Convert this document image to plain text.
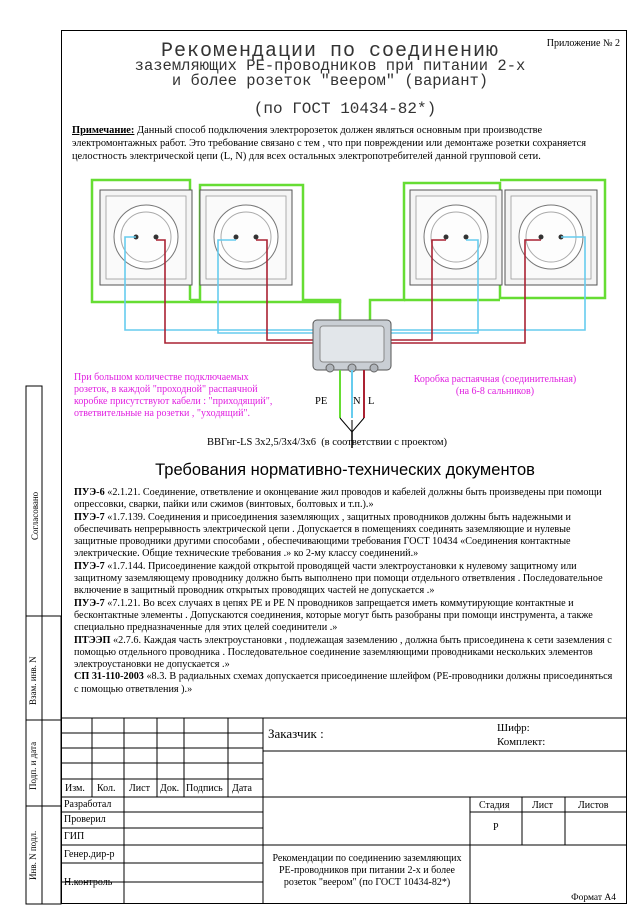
Приложение № 2
Рекомендации по соединению
заземляющих PE-проводников при питании 2-х
и более розеток "веером" (вариант)
(по ГОСТ 10434-82*)
Примечание: Данный способ подключения электророзеток должен являться основным при производстве электромонтажных работ. Это требование связано с тем , что при повреждении или демонтаже розетки сохраняется целостность электрической цепи (L, N) для всех остальных электропотребителей данной групповой сети.
При большом количестве подключаемых
розеток, в каждой "проходной" распаячной
коробке присутствуют кабели : "приходящий",
ответвительные на розетки , "уходящий".
Коробка распаячная (соединительная)
(на 6-8 сальников)
PE N L
ВВГнг-LS 3х2,5/3х4/3х6 (в соответствии с проектом)
Требования нормативно-технических документов

ПУЭ-6 «2.1.21. Соединение, ответвление и оконцевание жил проводов и кабелей должны быть произведены при помощи опрессовки, сварки, пайки или сжимов (винтовых, болтовых и т.п.).»

ПУЭ-7 «1.7.139. Соединения и присоединения заземляющих , защитных проводников должны быть надежными и обеспечивать непрерывность электрической цепи . Допускается в помещениях соединять заземляющие и нулевые защитные проводники другими способами , обеспечивающими требования ГОСТ 10434 «Соединения контактные электрические. Общие технические требования .» ко 2-му классу соединений.»

ПУЭ-7 «1.7.144. Присоединение каждой открытой проводящей части электроустановки к нулевому защитному или защитному заземляющему проводнику должно быть выполнено при помощи отдельного ответвления . Последовательное включение в защитный проводник открытых проводящих частей не допускается .»

ПУЭ-7 «7.1.21. Во всех случаях в цепях РЕ и РЕ N проводников запрещается иметь коммутирующие контактные и бесконтактные элементы . Допускаются соединения, которые могут быть разобраны при помощи инструмента, а также специально предназначенные для этих целей соединители .»

ПТЭЭП «2.7.6. Каждая часть электроустановки , подлежащая заземлению , должна быть присоединена к сети заземления с помощью отдельного проводника . Последовательное соединение заземляющими проводниками нескольких элементов электроустановки не допускается .»

СП 31-110-2003 «8.3. В радиальных схемах допускается присоединение шлейфом (РЕ-проводники должны присоединяться с помощью ответвления ).»

Согласовано
Взам. инв. N
Подп. и дата
Инв. N подл.
Заказчик :	Шифр:
Комплект:
Изм. Кол. Лист Док. Подпись Дата
Разработал
Проверил
ГИП
Генер.дир-р
Н.контроль
Стадия Лист	Листов
Р
Рекомендации по соединению заземляющих PE-проводников при питании 2-х и более розеток "веером" (по ГОСТ 10434-82*)
Формат А4
